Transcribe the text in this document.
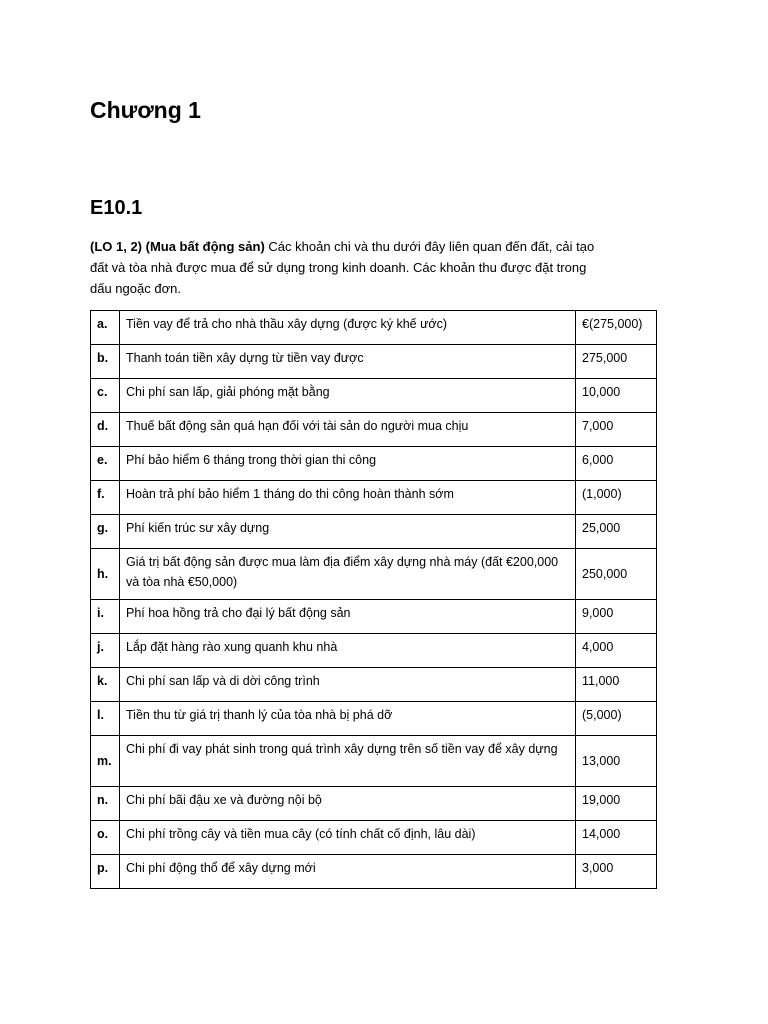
Chương 1
E10.1

(LO 1, 2) (Mua bất động sản) Các khoản chi và thu dưới đây liên quan đến đất, cải tạo đất và tòa nhà được mua để sử dụng trong kinh doanh. Các khoản thu được đặt trong dấu ngoặc đơn.

a.	Tiền vay để trả cho nhà thầu xây dựng (được ký khế ước)	€(275,000)
b.	Thanh toán tiền xây dựng từ tiền vay được	275,000
c.	Chi phí san lấp, giải phóng mặt bằng	10,000
d.	Thuế bất động sản quá hạn đối với tài sản do người mua chịu	7,000
e.	Phí bảo hiểm 6 tháng trong thời gian thi công	6,000
f.	Hoàn trả phí bảo hiểm 1 tháng do thi công hoàn thành sớm	(1,000)
g.	Phí kiến trúc sư xây dựng	25,000
h.	Giá trị bất động sản được mua làm địa điểm xây dựng nhà máy (đất €200,000 và tòa nhà €50,000)	250,000
i.	Phí hoa hồng trả cho đại lý bất động sản	9,000
j.	Lắp đặt hàng rào xung quanh khu nhà	4,000
k.	Chi phí san lấp và di dời công trình	11,000
l.	Tiền thu từ giá trị thanh lý của tòa nhà bị phá dỡ	(5,000)
m.	Chi phí đi vay phát sinh trong quá trình xây dựng trên số tiền vay để xây dựng	13,000
n.	Chi phí bãi đậu xe và đường nội bộ	19,000
o.	Chi phí trồng cây và tiền mua cây (có tính chất cố định, lâu dài)	14,000
p.	Chi phí động thổ để xây dựng mới	3,000
